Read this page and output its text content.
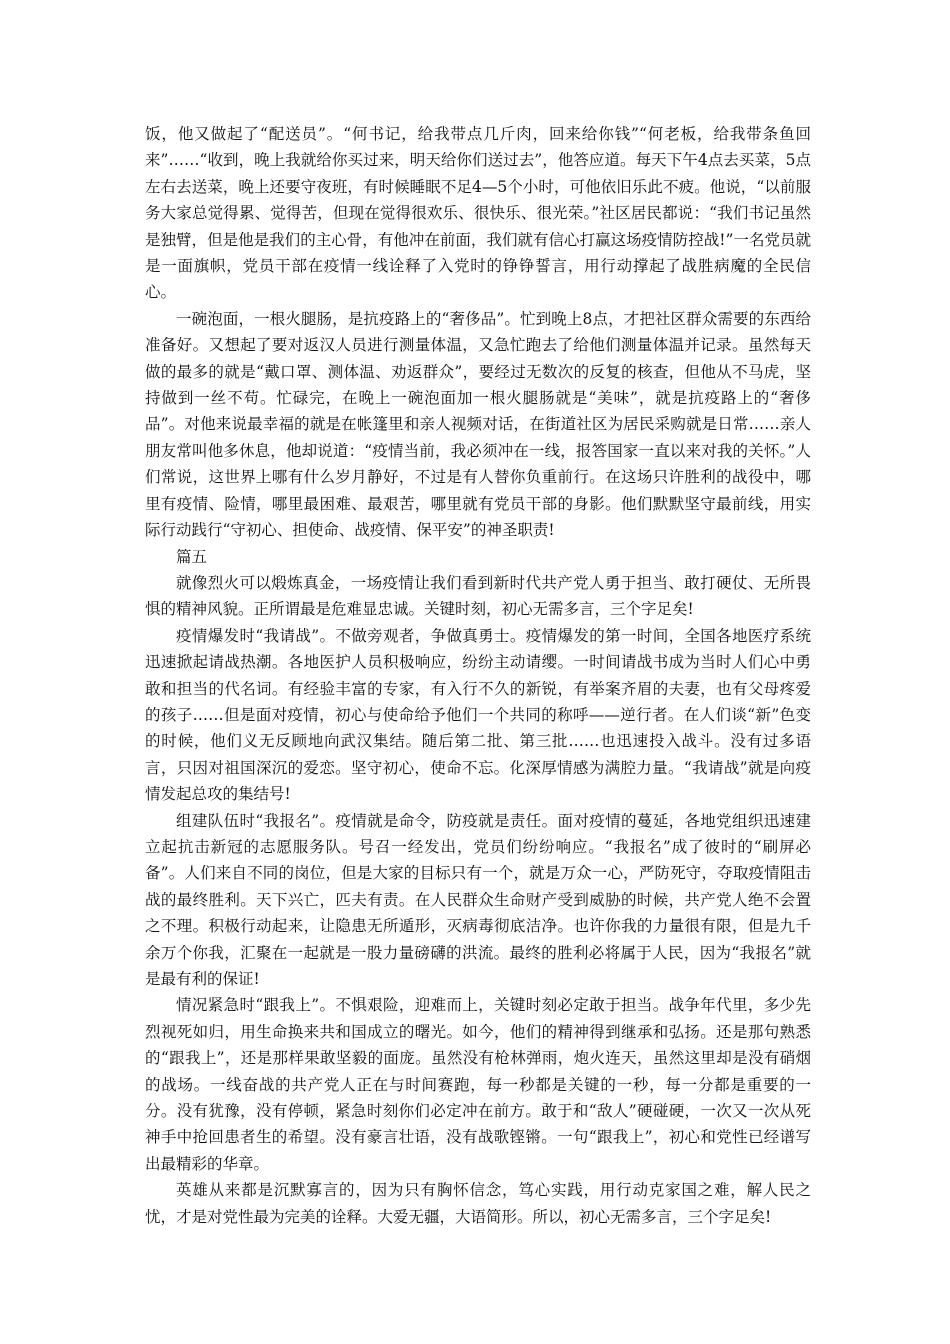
饭，他又做起了“配送员”。“何书记，给我带点几斤肉，回来给你钱”“何老板，给我带条鱼回来”……“收到，晚上我就给你买过来，明天给你们送过去”，他答应道。每天下午4点去买菜，5点左右去送菜，晚上还要守夜班，有时候睡眠不足4—5个小时，可他依旧乐此不疲。他说，“以前服务大家总觉得累、觉得苦，但现在觉得很欢乐、很快乐、很光荣。”社区居民都说：“我们书记虽然是独臂，但是他是我们的主心骨，有他冲在前面，我们就有信心打赢这场疫情防控战!”一名党员就是一面旗帜，党员干部在疫情一线诠释了入党时的铮铮誓言，用行动撑起了战胜病魔的全民信心。

一碗泡面，一根火腿肠，是抗疫路上的“奢侈品”。忙到晚上8点，才把社区群众需要的东西给准备好。又想起了要对返汉人员进行测量体温，又急忙跑去了给他们测量体温并记录。虽然每天做的最多的就是“戴口罩、测体温、劝返群众”，要经过无数次的反复的核查，但他从不马虎，坚持做到一丝不苟。忙碌完，在晚上一碗泡面加一根火腿肠就是“美味”，就是抗疫路上的“奢侈品”。对他来说最幸福的就是在帐篷里和亲人视频对话，在街道社区为居民采购就是日常……亲人朋友常叫他多休息，他却说道：“疫情当前，我必须冲在一线，报答国家一直以来对我的关怀。”人们常说，这世界上哪有什么岁月静好，不过是有人替你负重前行。在这场只许胜利的战役中，哪里有疫情、险情，哪里最困难、最艰苦，哪里就有党员干部的身影。他们默默坚守最前线，用实际行动践行“守初心、担使命、战疫情、保平安”的神圣职责!

篇五

就像烈火可以煅炼真金，一场疫情让我们看到新时代共产党人勇于担当、敢打硬仗、无所畏惧的精神风貌。正所谓最是危难显忠诚。关键时刻，初心无需多言，三个字足矣!

疫情爆发时“我请战”。不做旁观者，争做真勇士。疫情爆发的第一时间，全国各地医疗系统迅速掀起请战热潮。各地医护人员积极响应，纷纷主动请缨。一时间请战书成为当时人们心中勇敢和担当的代名词。有经验丰富的专家，有入行不久的新锐，有举案齐眉的夫妻，也有父母疼爱的孩子……但是面对疫情，初心与使命给予他们一个共同的称呼——逆行者。在人们谈“新”色变的时候，他们义无反顾地向武汉集结。随后第二批、第三批……也迅速投入战斗。没有过多语言，只因对祖国深沉的爱恋。坚守初心，使命不忘。化深厚情感为满腔力量。“我请战”就是向疫情发起总攻的集结号!

组建队伍时“我报名”。疫情就是命令，防疫就是责任。面对疫情的蔓延，各地党组织迅速建立起抗击新冠的志愿服务队。号召一经发出，党员们纷纷响应。“我报名”成了彼时的“刷屏必备”。人们来自不同的岗位，但是大家的目标只有一个，就是万众一心，严防死守，夺取疫情阻击战的最终胜利。天下兴亡，匹夫有责。在人民群众生命财产受到威胁的时候，共产党人绝不会置之不理。积极行动起来，让隐患无所遁形，灭病毒彻底洁净。也许你我的力量很有限，但是九千余万个你我，汇聚在一起就是一股力量磅礴的洪流。最终的胜利必将属于人民，因为“我报名”就是最有利的保证!

情况紧急时“跟我上”。不惧艰险，迎难而上，关键时刻必定敢于担当。战争年代里，多少先烈视死如归，用生命换来共和国成立的曙光。如今，他们的精神得到继承和弘扬。还是那句熟悉的“跟我上”，还是那样果敢坚毅的面庞。虽然没有枪林弹雨，炮火连天，虽然这里却是没有硝烟的战场。一线奋战的共产党人正在与时间赛跑，每一秒都是关键的一秒，每一分都是重要的一分。没有犹豫，没有停顿，紧急时刻你们必定冲在前方。敢于和“敌人”硬碰硬，一次又一次从死神手中抢回患者生的希望。没有豪言壮语，没有战歌铿锵。一句“跟我上”，初心和党性已经谱写出最精彩的华章。

英雄从来都是沉默寡言的，因为只有胸怀信念，笃心实践，用行动克家国之难，解人民之忧，才是对党性最为完美的诠释。大爱无疆，大语简形。所以，初心无需多言，三个字足矣!
